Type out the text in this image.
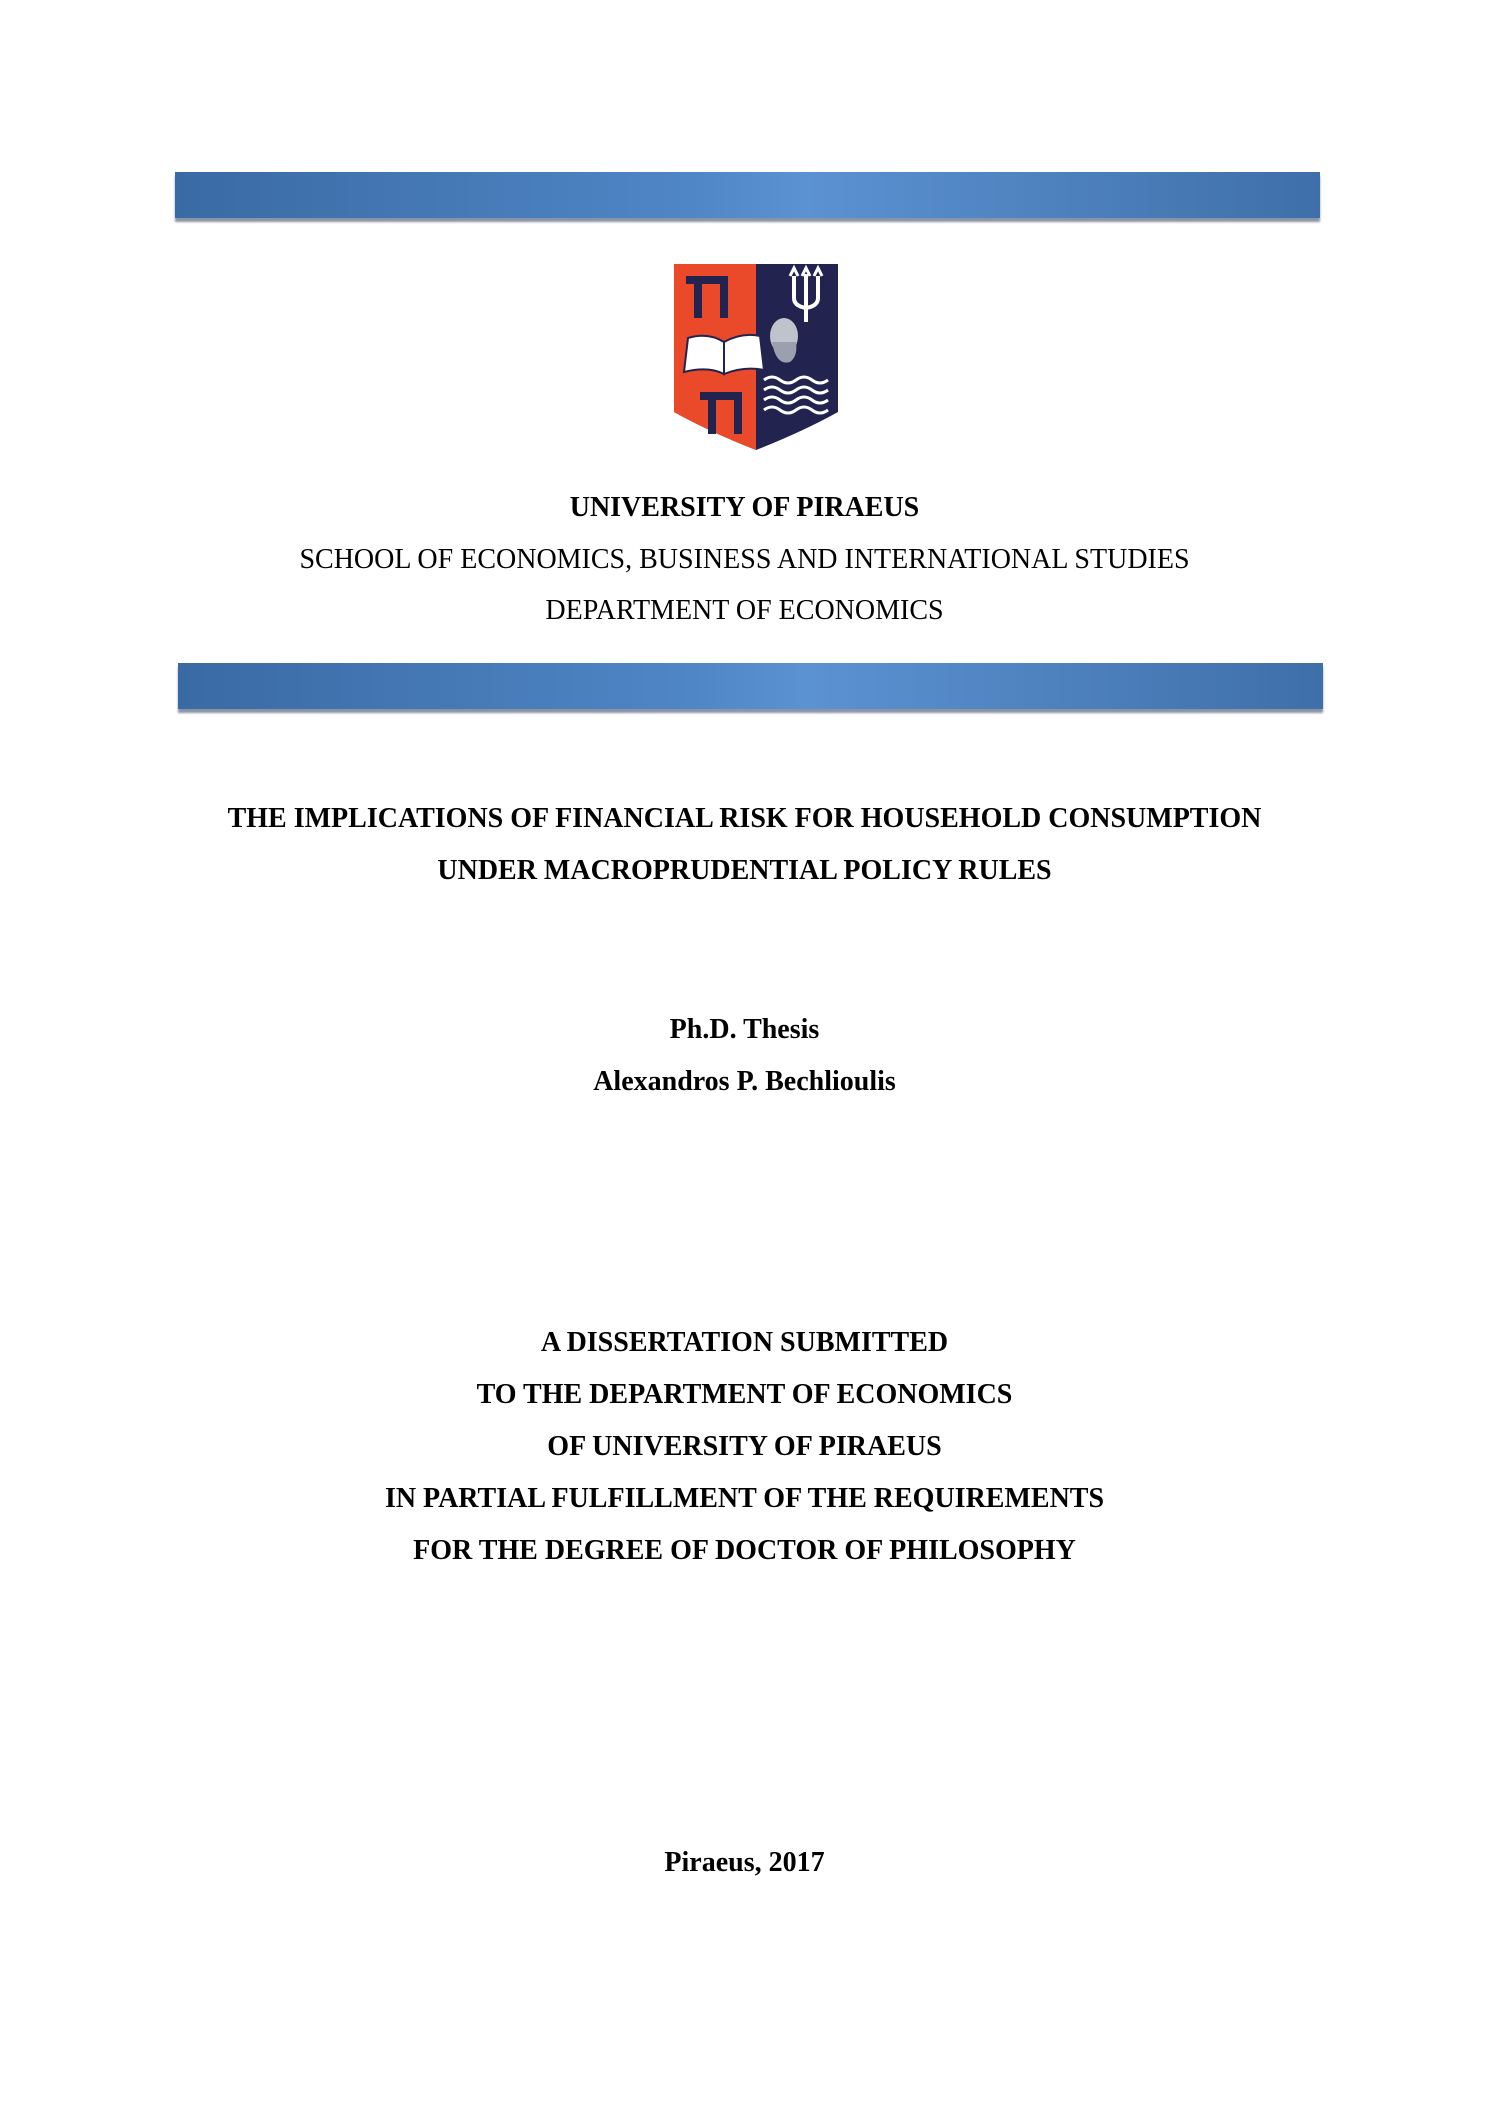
UNIVERSITY OF PIRAEUS
SCHOOL OF ECONOMICS, BUSINESS AND INTERNATIONAL STUDIES
DEPARTMENT OF ECONOMICS
THE IMPLICATIONS OF FINANCIAL RISK FOR HOUSEHOLD CONSUMPTION
UNDER MACROPRUDENTIAL POLICY RULES
Ph.D. Thesis
Alexandros P. Bechlioulis
A DISSERTATION SUBMITTED
TO THE DEPARTMENT OF ECONOMICS
OF UNIVERSITY OF PIRAEUS
IN PARTIAL FULFILLMENT OF THE REQUIREMENTS
FOR THE DEGREE OF DOCTOR OF PHILOSOPHY
Piraeus, 2017
